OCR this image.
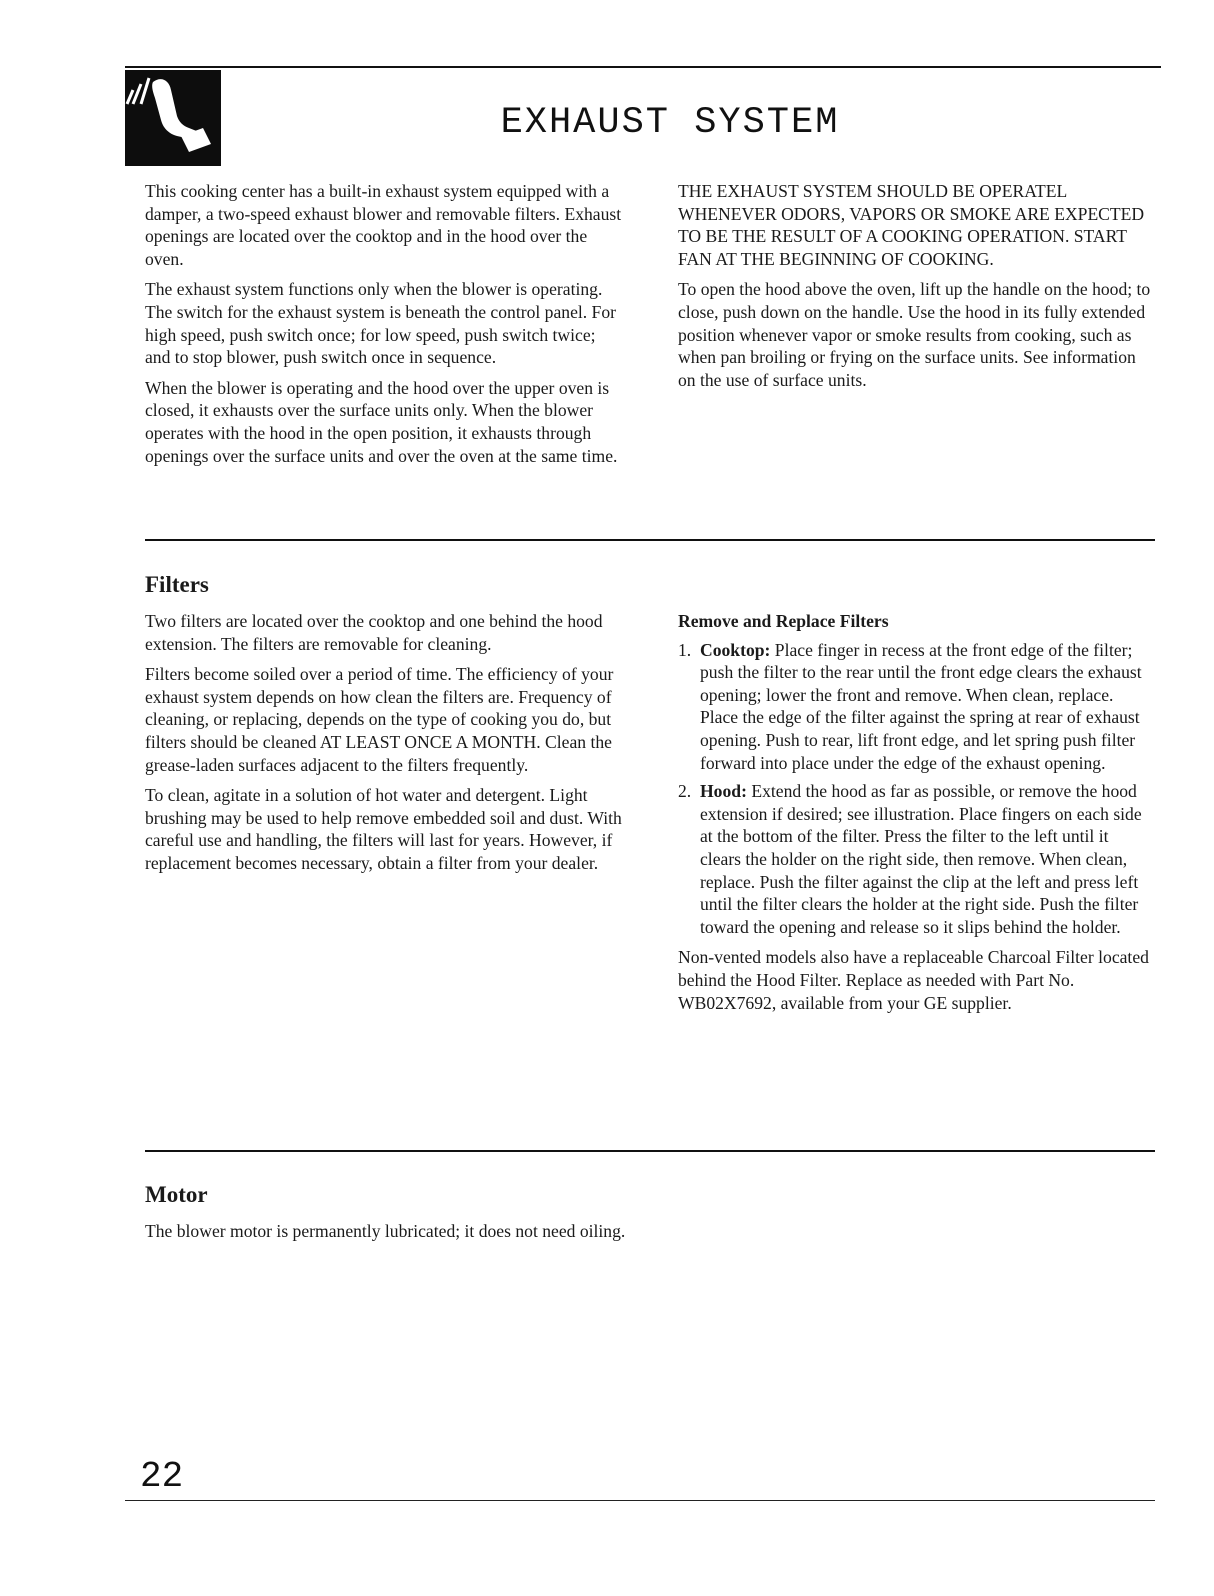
EXHAUST SYSTEM

This cooking center has a built-in exhaust system equipped with a damper, a two-speed exhaust blower and removable filters. Exhaust openings are located over the cooktop and in the hood over the oven.

The exhaust system functions only when the blower is operating. The switch for the exhaust system is beneath the control panel. For high speed, push switch once; for low speed, push switch twice; and to stop blower, push switch once in sequence.

When the blower is operating and the hood over the upper oven is closed, it exhausts over the surface units only. When the blower operates with the hood in the open position, it exhausts through openings over the surface units and over the oven at the same time.

THE EXHAUST SYSTEM SHOULD BE OPERATEL WHENEVER ODORS, VAPORS OR SMOKE ARE EXPECTED TO BE THE RESULT OF A COOKING OPERATION. START FAN AT THE BEGINNING OF COOKING.

To open the hood above the oven, lift up the handle on the hood; to close, push down on the handle. Use the hood in its fully extended position whenever vapor or smoke results from cooking, such as when pan broiling or frying on the surface units. See information on the use of surface units.

Filters

Two filters are located over the cooktop and one behind the hood extension. The filters are removable for cleaning.

Filters become soiled over a period of time. The efficiency of your exhaust system depends on how clean the filters are. Frequency of cleaning, or replacing, depends on the type of cooking you do, but filters should be cleaned AT LEAST ONCE A MONTH. Clean the grease-laden surfaces adjacent to the filters frequently.

To clean, agitate in a solution of hot water and detergent. Light brushing may be used to help remove embedded soil and dust. With careful use and handling, the filters will last for years. However, if replacement becomes necessary, obtain a filter from your dealer.

Remove and Replace Filters
1. Cooktop: Place finger in recess at the front edge of the filter; push the filter to the rear until the front edge clears the exhaust opening; lower the front and remove. When clean, replace. Place the edge of the filter against the spring at rear of exhaust opening. Push to rear, lift front edge, and let spring push filter forward into place under the edge of the exhaust opening.
2. Hood: Extend the hood as far as possible, or remove the hood extension if desired; see illustration. Place fingers on each side at the bottom of the filter. Press the filter to the left until it clears the holder on the right side, then remove. When clean, replace. Push the filter against the clip at the left and press left until the filter clears the holder at the right side. Push the filter toward the opening and release so it slips behind the holder.

Non-vented models also have a replaceable Charcoal Filter located behind the Hood Filter. Replace as needed with Part No. WB02X7692, available from your GE supplier.

Motor

The blower motor is permanently lubricated; it does not need oiling.

22
